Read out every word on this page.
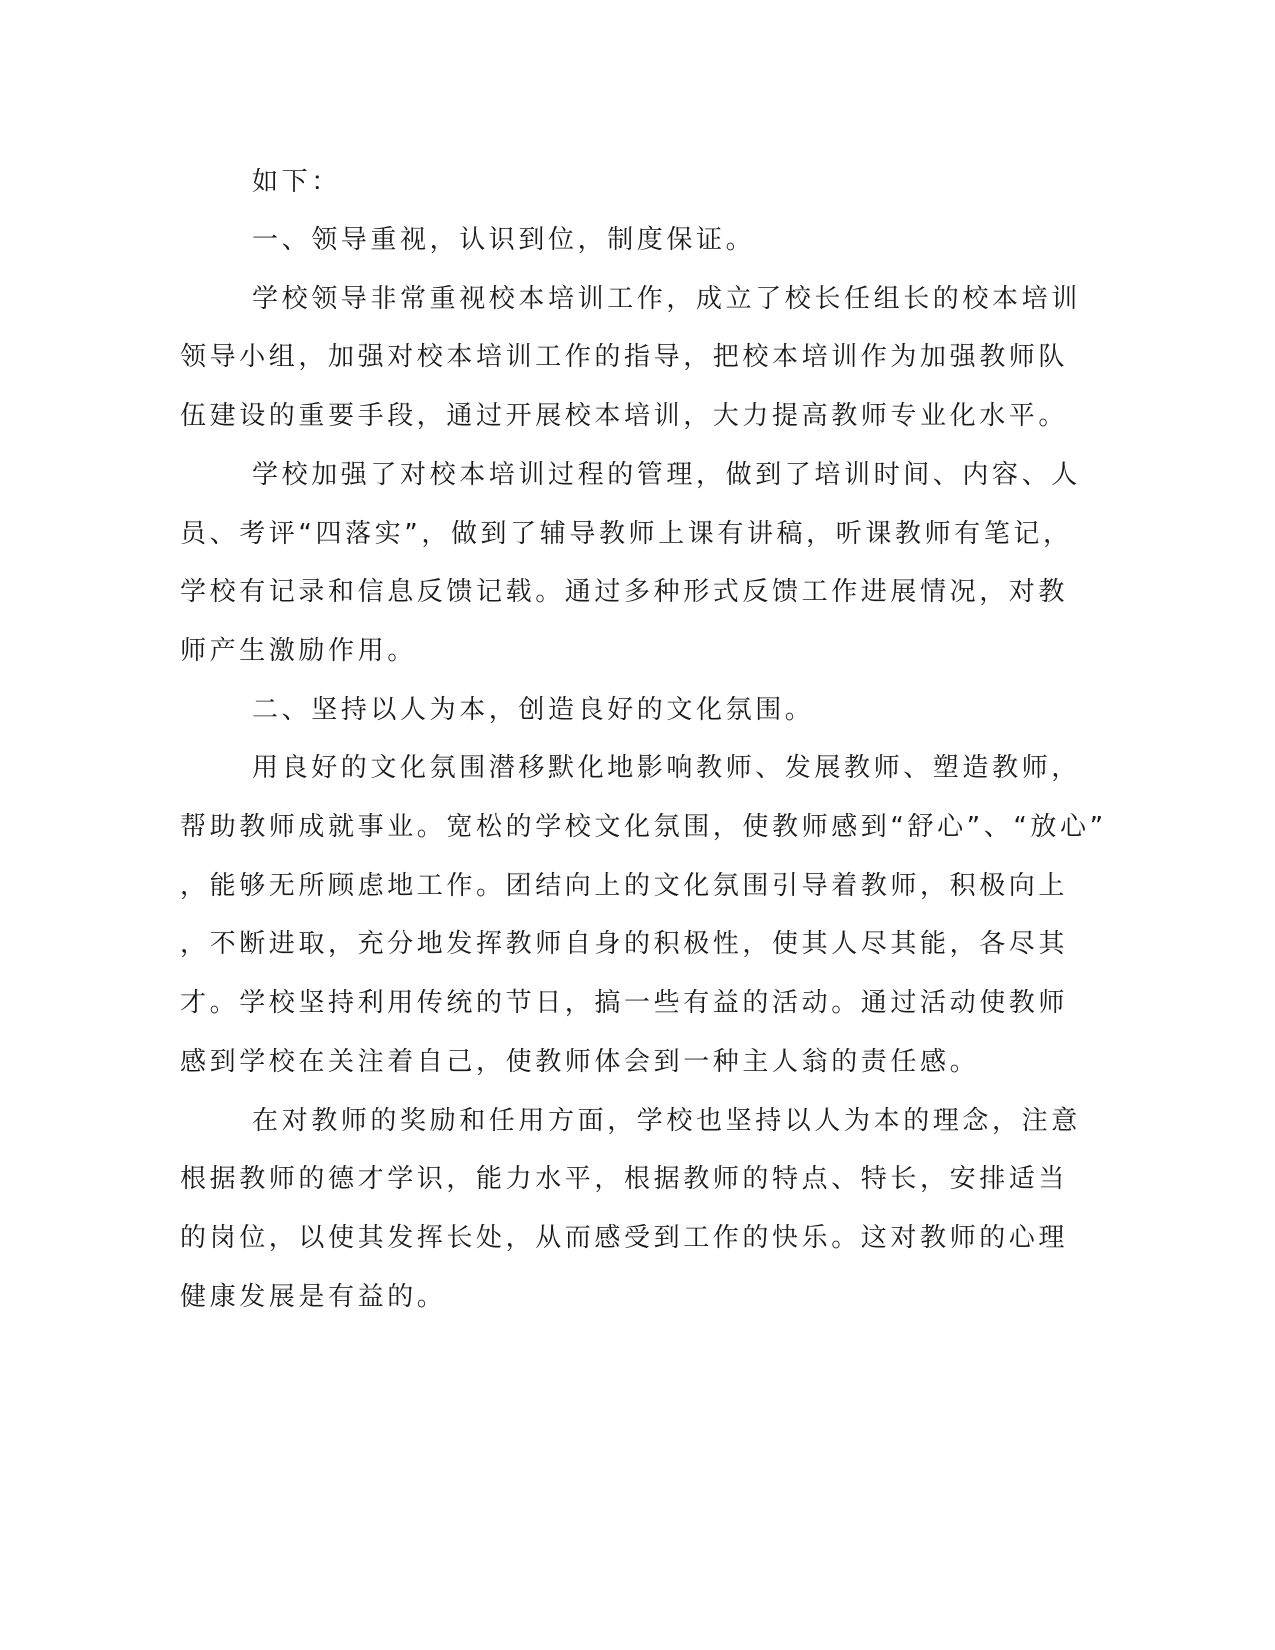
如下：
一、领导重视，认识到位，制度保证。
学校领导非常重视校本培训工作，成立了校长任组长的校本培训
领导小组，加强对校本培训工作的指导，把校本培训作为加强教师队
伍建设的重要手段，通过开展校本培训，大力提高教师专业化水平。
学校加强了对校本培训过程的管理，做到了培训时间、内容、人
员、考评“四落实”，做到了辅导教师上课有讲稿，听课教师有笔记，
学校有记录和信息反馈记载。通过多种形式反馈工作进展情况，对教
师产生激励作用。
二、坚持以人为本，创造良好的文化氛围。
用良好的文化氛围潜移默化地影响教师、发展教师、塑造教师，
帮助教师成就事业。宽松的学校文化氛围，使教师感到“舒心”、“放心”
，能够无所顾虑地工作。团结向上的文化氛围引导着教师，积极向上
，不断进取，充分地发挥教师自身的积极性，使其人尽其能，各尽其
才。学校坚持利用传统的节日，搞一些有益的活动。通过活动使教师
感到学校在关注着自己，使教师体会到一种主人翁的责任感。
在对教师的奖励和任用方面，学校也坚持以人为本的理念，注意
根据教师的德才学识，能力水平，根据教师的特点、特长，安排适当
的岗位，以使其发挥长处，从而感受到工作的快乐。这对教师的心理
健康发展是有益的。
